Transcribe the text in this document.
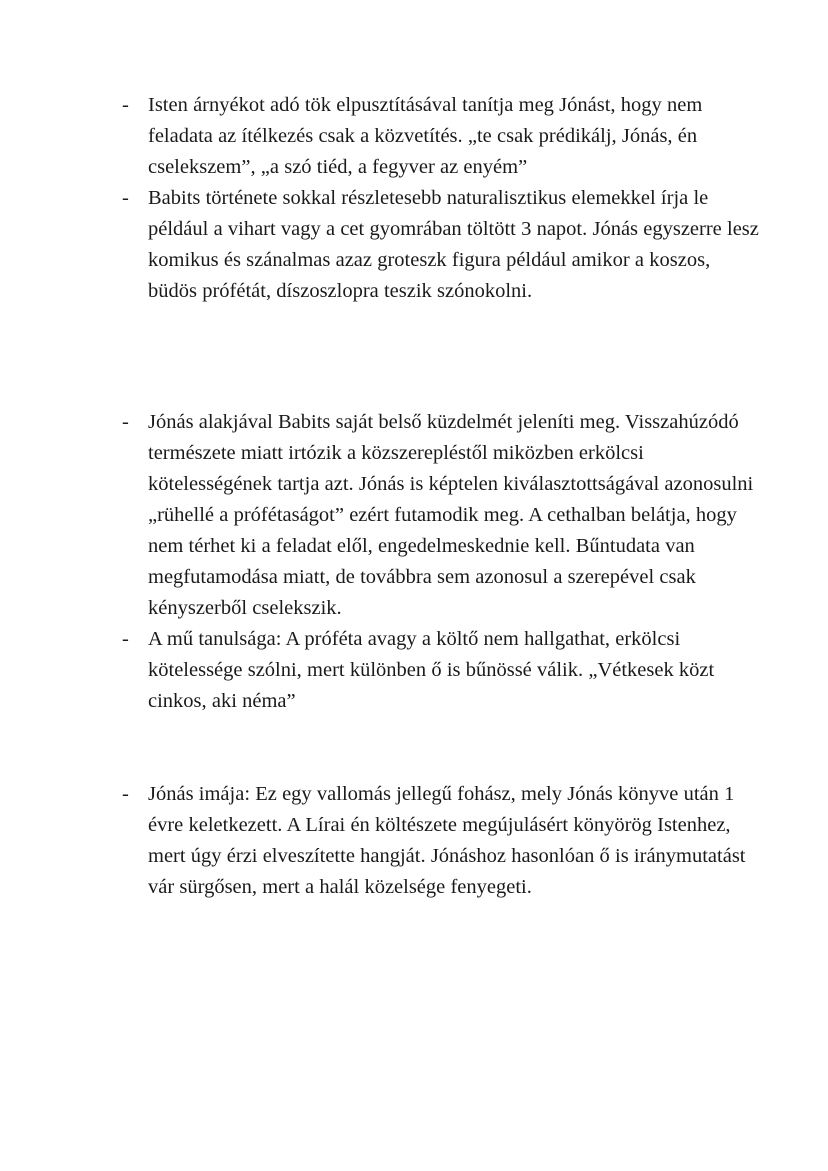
- Isten árnyékot adó tök elpusztításával tanítja meg Jónást, hogy nem feladata az ítélkezés csak a közvetítés. „te csak prédikálj, Jónás, én cselekszem”, „a szó tiéd, a fegyver az enyém”
- Babits története sokkal részletesebb naturalisztikus elemekkel írja le például a vihart vagy a cet gyomrában töltött 3 napot. Jónás egyszerre lesz komikus és szánalmas azaz groteszk figura például amikor a koszos, büdös prófétát, díszoszlopra teszik szónokolni.
- Jónás alakjával Babits saját belső küzdelmét jeleníti meg. Visszahúzódó természete miatt irtózik a közszerepléstől miközben erkölcsi kötelességének tartja azt. Jónás is képtelen kiválasztottságával azonosulni „rühellé a prófétaságot” ezért futamodik meg. A cethalban belátja, hogy nem térhet ki a feladat elől, engedelmeskednie kell. Bűntudata van megfutamodása miatt, de továbbra sem azonosul a szerepével csak kényszerből cselekszik.
- A mű tanulsága: A próféta avagy a költő nem hallgathat, erkölcsi kötelessége szólni, mert különben ő is bűnössé válik. „Vétkesek közt cinkos, aki néma”
- Jónás imája: Ez egy vallomás jellegű fohász, mely Jónás könyve után 1 évre keletkezett. A Lírai én költészete megújulásért könyörög Istenhez, mert úgy érzi elveszítette hangját. Jónáshoz hasonlóan ő is iránymutatást vár sürgősen, mert a halál közelsége fenyegeti.
